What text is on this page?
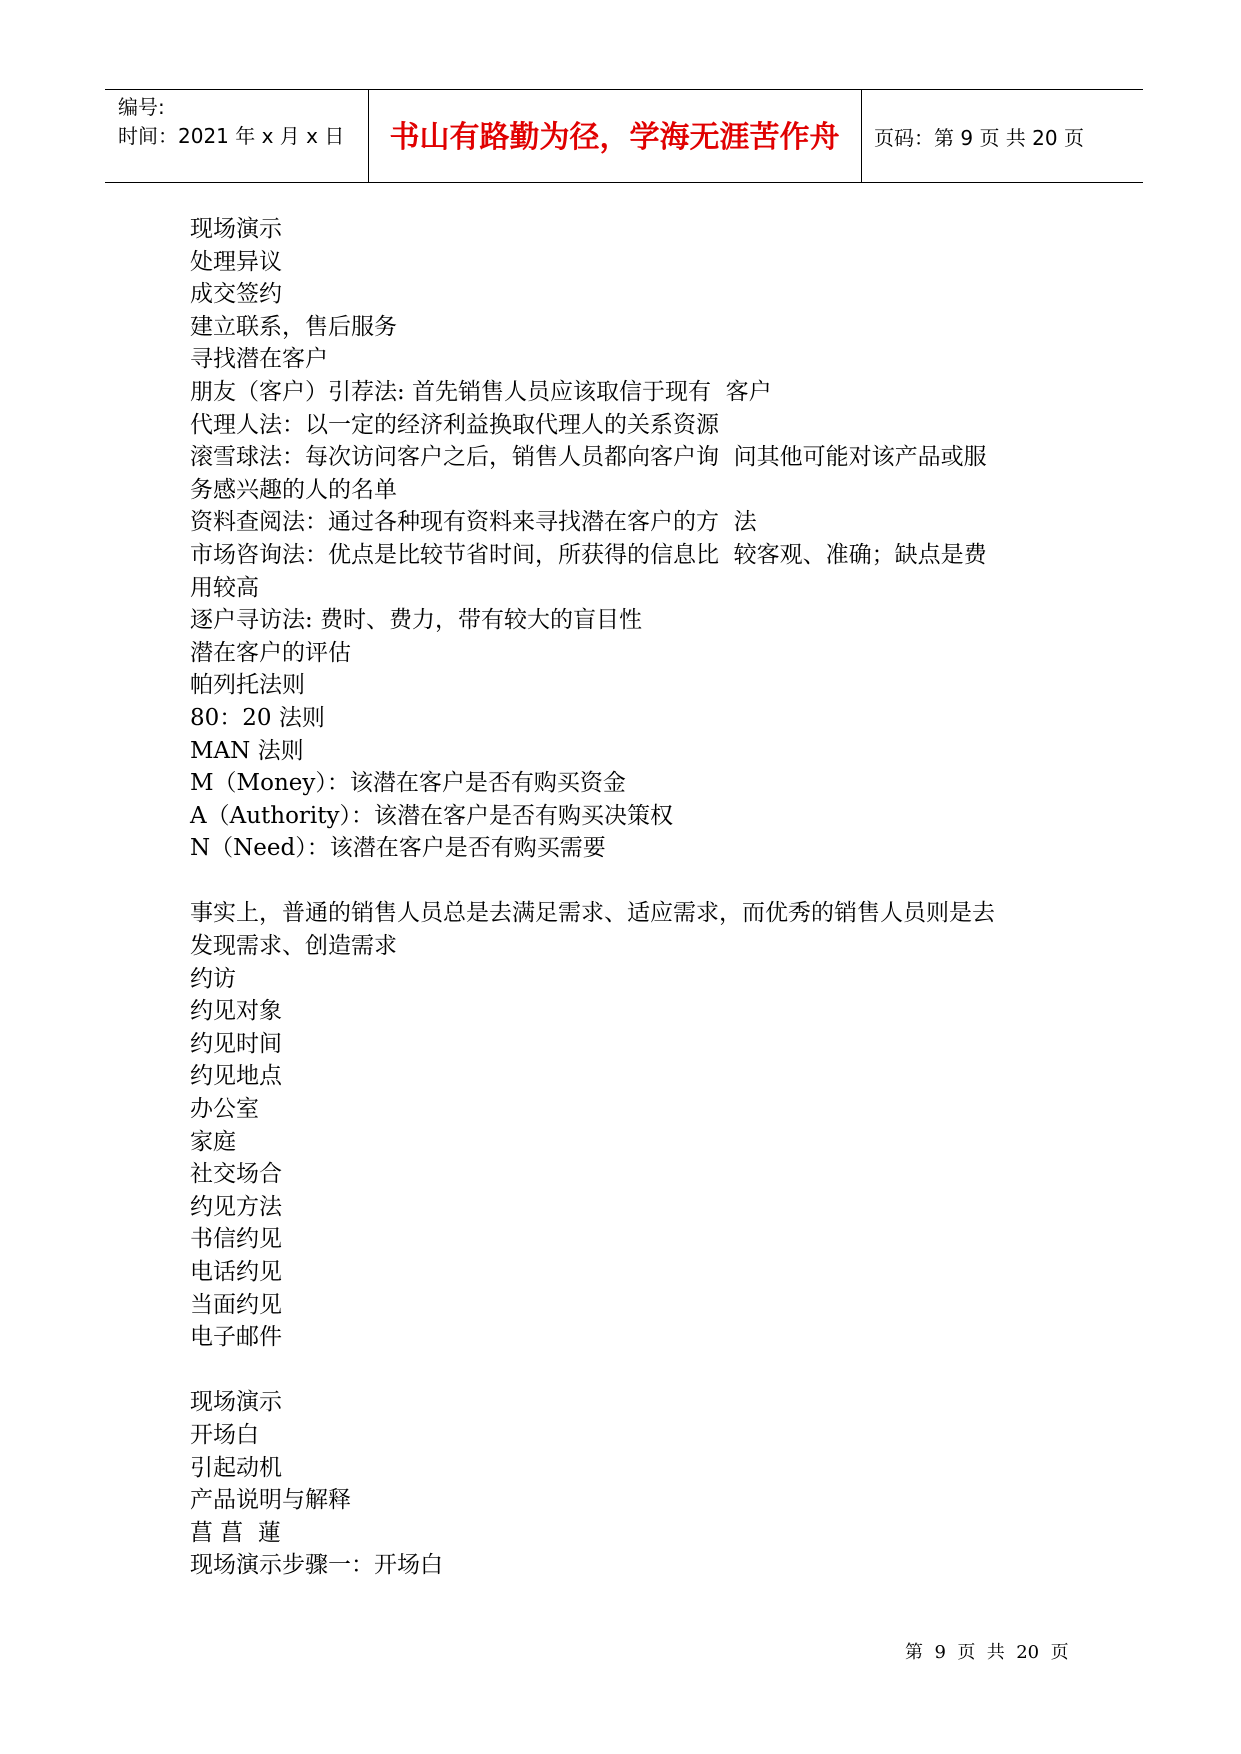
编号:
时间：2021 年 x 月 x 日	书山有路勤为径，学海无涯苦作舟	页码：第 9 页 共 20 页
现场演示
处理异议
成交签约
建立联系，售后服务
寻找潜在客户
朋友（客户）引荐法: 首先销售人员应该取信于现有  客户
代理人法：以一定的经济利益换取代理人的关系资源
滚雪球法：每次访问客户之后，销售人员都向客户询  问其他可能对该产品或服
务感兴趣的人的名单
资料查阅法：通过各种现有资料来寻找潜在客户的方  法
市场咨询法：优点是比较节省时间，所获得的信息比  较客观、准确；缺点是费
用较高
逐户寻访法: 费时、费力，带有较大的盲目性
潜在客户的评估
帕列托法则
80：20 法则
MAN 法则
M（Money）：该潜在客户是否有购买资金
A（Authority）：该潜在客户是否有购买决策权
N（Need）：该潜在客户是否有购买需要
事实上，普通的销售人员总是去满足需求、适应需求，而优秀的销售人员则是去
发现需求、创造需求
约访
约见对象
约见时间
约见地点
办公室
家庭
社交场合
约见方法
书信约见
电话约见
当面约见
电子邮件
现场演示
开场白
引起动机
产品说明与解释
菖 菖  蓮
现场演示步骤一：开场白
第  9  页  共  20  页
